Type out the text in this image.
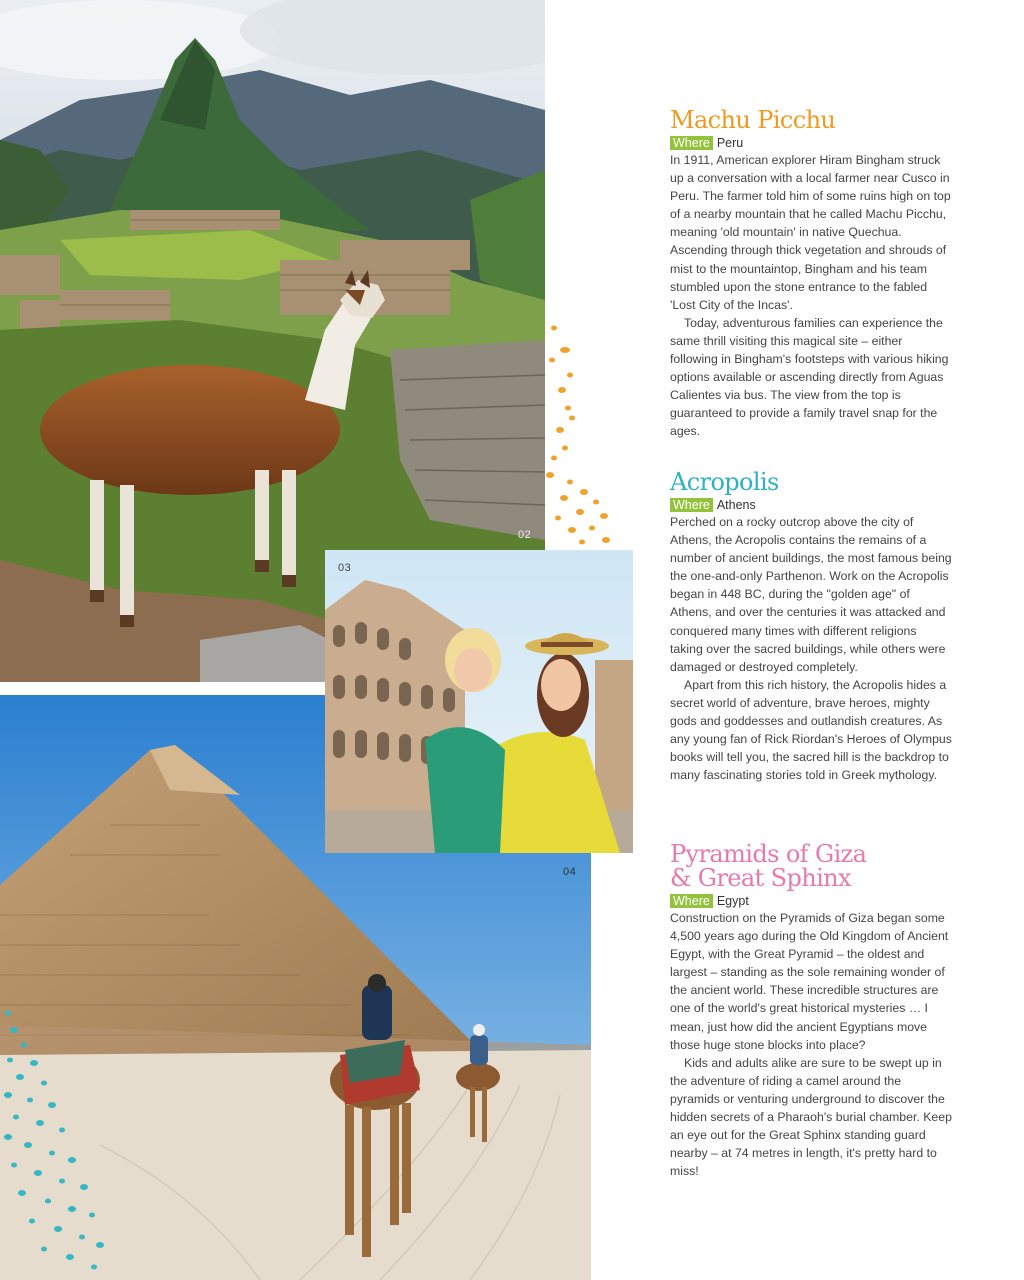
02
04
03
Machu Picchu
Where Peru

In 1911, American explorer Hiram Bingham struck up a conversation with a local farmer near Cusco in Peru. The farmer told him of some ruins high on top of a nearby mountain that he called Machu Picchu, meaning 'old mountain' in native Quechua. Ascending through thick vegetation and shrouds of mist to the mountaintop, Bingham and his team stumbled upon the stone entrance to the fabled 'Lost City of the Incas'.

Today, adventurous families can experience the same thrill visiting this magical site – either following in Bingham's footsteps with various hiking options available or ascending directly from Aguas Calientes via bus. The view from the top is guaranteed to provide a family travel snap for the ages.

Acropolis
Where Athens

Perched on a rocky outcrop above the city of Athens, the Acropolis contains the remains of a number of ancient buildings, the most famous being the one-and-only Parthenon. Work on the Acropolis began in 448 BC, during the "golden age" of Athens, and over the centuries it was attacked and conquered many times with different religions taking over the sacred buildings, while others were damaged or destroyed completely.

Apart from this rich history, the Acropolis hides a secret world of adventure, brave heroes, mighty gods and goddesses and outlandish creatures. As any young fan of Rick Riordan's Heroes of Olympus books will tell you, the sacred hill is the backdrop to many fascinating stories told in Greek mythology.

Pyramids of Giza
& Great Sphinx
Where Egypt

Construction on the Pyramids of Giza began some 4,500 years ago during the Old Kingdom of Ancient Egypt, with the Great Pyramid – the oldest and largest – standing as the sole remaining wonder of the ancient world. These incredible structures are one of the world's great historical mysteries … I mean, just how did the ancient Egyptians move those huge stone blocks into place?

Kids and adults alike are sure to be swept up in the adventure of riding a camel around the pyramids or venturing underground to discover the hidden secrets of a Pharaoh's burial chamber. Keep an eye out for the Great Sphinx standing guard nearby – at 74 metres in length, it's pretty hard to miss!
